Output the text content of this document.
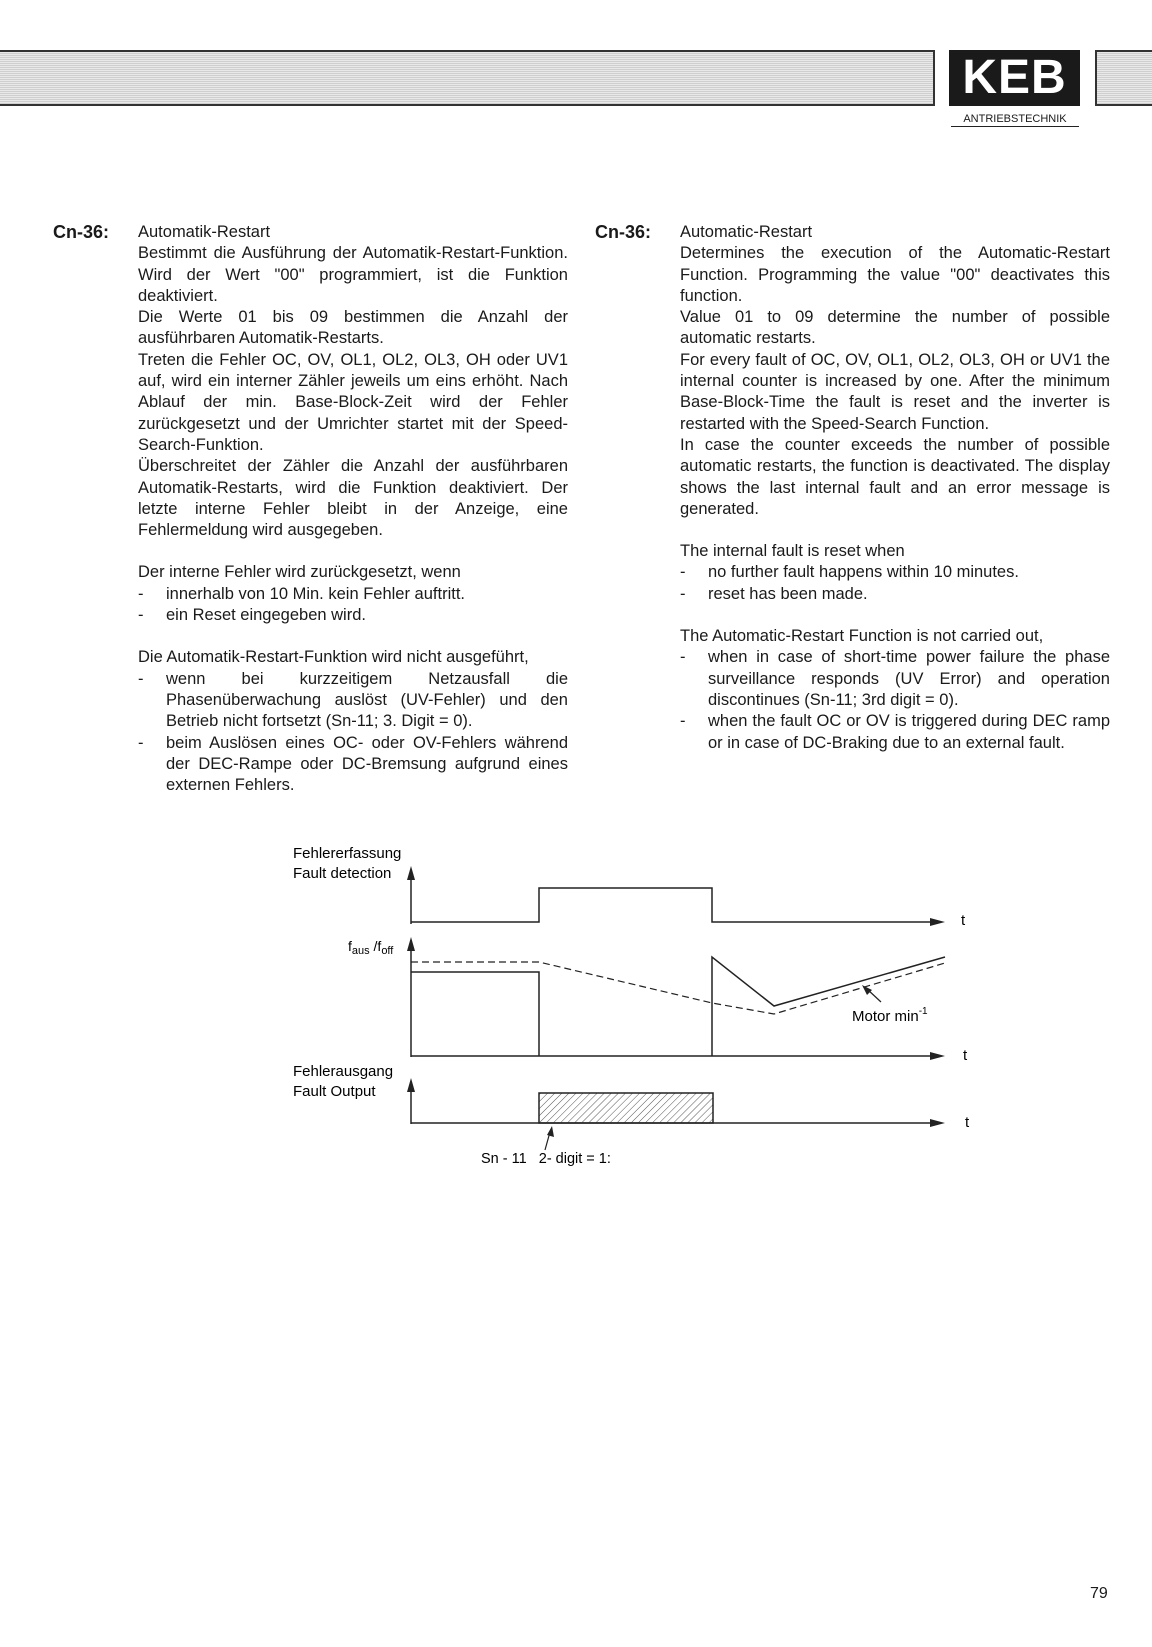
KEB
ANTRIEBSTECHNIK
Cn-36: Automatik-Restart

Bestimmt die Ausführung der Automatik-Restart-Funktion. Wird der Wert "00" programmiert, ist die Funktion deaktiviert.

Die Werte 01 bis 09 bestimmen die Anzahl der ausführbaren Automatik-Restarts.

Treten die Fehler OC, OV, OL1, OL2, OL3, OH oder UV1 auf, wird ein interner Zähler jeweils um eins erhöht. Nach Ablauf der min. Base-Block-Zeit wird der Fehler zurückgesetzt und der Umrichter startet mit der Speed-Search-Funktion.

Überschreitet der Zähler die Anzahl der ausführbaren Automatik-Restarts, wird die Funktion deaktiviert. Der letzte interne Fehler bleibt in der Anzeige, eine Fehlermeldung wird ausgegeben.

Der interne Fehler wird zurückgesetzt, wenn

- innerhalb von 10 Min. kein Fehler auftritt.
- ein Reset eingegeben wird.

Die Automatik-Restart-Funktion wird nicht ausgeführt,

- wenn bei kurzzeitigem Netzausfall die Phasenüberwachung auslöst (UV-Fehler) und den Betrieb nicht fortsetzt (Sn-11; 3. Digit = 0).
- beim Auslösen eines OC- oder OV-Fehlers während der DEC-Rampe oder DC-Bremsung aufgrund eines externen Fehlers.
Cn-36: Automatic-Restart

Determines the execution of the Automatic-Restart Function. Programming the value "00" deactivates this function.

Value 01 to 09 determine the number of possible automatic restarts.

For every fault of OC, OV, OL1, OL2, OL3, OH or UV1 the internal counter is increased by one. After the minimum Base-Block-Time the fault is reset and the inverter is restarted with the Speed-Search Function.

In case the counter exceeds the number of possible automatic restarts, the function is deactivated. The display shows the last internal fault and an error message is generated.

The internal fault is reset when

- no further fault happens within 10 minutes.
- reset has been made.

The Automatic-Restart Function is not carried out,

- when in case of short-time power failure the phase surveillance responds (UV Error) and operation discontinues (Sn-11; 3rd digit = 0).
- when the fault OC or OV is triggered during DEC ramp or in case of DC-Braking due to an external fault.
Fehlererfassung
Fault detection
t
$f_{aus}$ $/f_{off}$
t
Motor $\min^{-1}$
Fehlerausgang
Fault Output
t
Sn - 11   2- digit = 1:
79
